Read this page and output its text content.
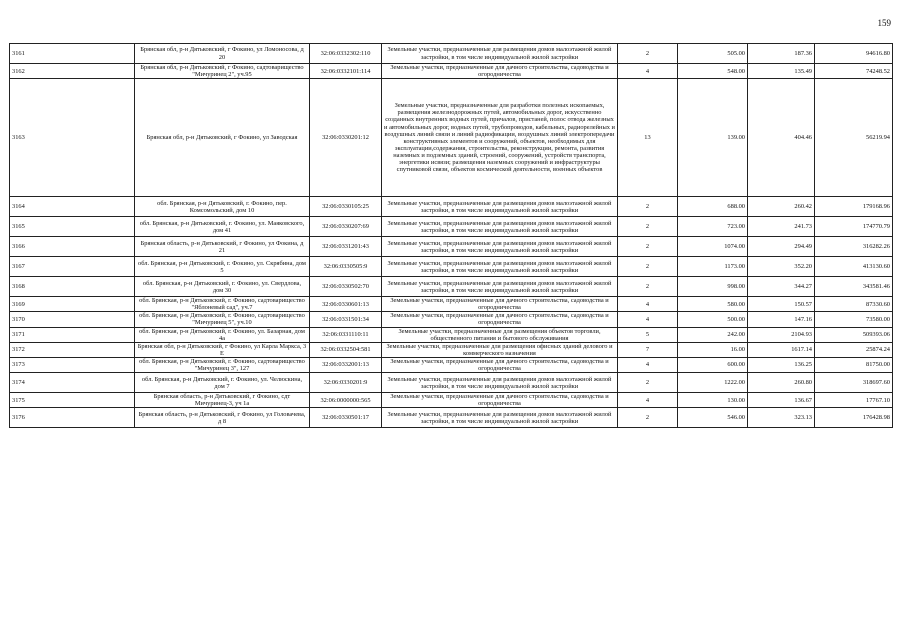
159
3161	Брянская обл, р-н Дятьковский, г Фокино, ул Ломоносова, д 20	32:06:0332302:110	Земельные участки, предназначенные для размещения домов малоэтажной жилой застройки, в том числе индивидуальной жилой застройки	2	505.00	187.36	94616.80
3162	Брянская обл, р-н Дятьковский, г Фокино, садтоварищество "Мичуринец 2", уч.95	32:06:0332101:114	Земельные участки, предназначенные для дачного строительства, садоводства и огородничества	4	548.00	135.49	74248.52
3163	Брянская обл, р-н Дятьковский, г Фокино, ул Заводская	32:06:0330201:12	Земельные участки, предназначенные для разработки полезных ископаемых, размещения железнодорожных путей, автомобильных дорог, искусственно созданных внутренних водных путей, причалов, пристаней, полос отвода железных и автомобильных дорог, водных путей, трубопроводов, кабельных, радиорелейных и воздушных линий связи и линий радиофикации, воздушных линий электропередачи конструктивных элементов и сооружений, объектов, необходимых для эксплуатации,содержания, строительства, реконструкции, ремонта, развития наземных и подземных зданий, строений, сооружений, устройств транспорта, энергетики исвязи; размещения наземных сооружений и инфраструктуры спутниковой связи, объектов космической деятельности, военных объектов	13	139.00	404.46	56219.94
3164	обл. Брянская, р-н Дятьковский, г. Фокино, пер. Комсомольский, дом 10	32:06:0330105:25	Земельные участки, предназначенные для размещения домов малоэтажной жилой застройки, в том числе индивидуальной жилой застройки	2	688.00	260.42	179168.96
3165	обл. Брянская, р-н Дятьковский, г. Фокино, ул. Маяковского, дом 41	32:06:0330207:69	Земельные участки, предназначенные для размещения домов малоэтажной жилой застройки, в том числе индивидуальной жилой застройки	2	723.00	241.73	174770.79
3166	Брянская область, р-н Дятьковский, г Фокино, ул Фокина, д 21	32:06:0331201:43	Земельные участки, предназначенные для размещения домов малоэтажной жилой застройки, в том числе индивидуальной жилой застройки	2	1074.00	294.49	316282.26
3167	обл. Брянская, р-н Дятьковский, г. Фокино, ул. Скрябина, дом 5	32:06:0330505:9	Земельные участки, предназначенные для размещения домов малоэтажной жилой застройки, в том числе индивидуальной жилой застройки	2	1173.00	352.20	413130.60
3168	обл. Брянская, р-н Дятьковский, г. Фокино, ул. Свердлова, дом 30	32:06:0330502:70	Земельные участки, предназначенные для размещения домов малоэтажной жилой застройки, в том числе индивидуальной жилой застройки	2	998.00	344.27	343581.46
3169	обл. Брянская, р-н Дятьковский, г. Фокино, садтоварищество "Яблоневый сад", уч.7	32:06:0330601:13	Земельные участки, предназначенные для дачного строительства, садоводства и огородничества	4	580.00	150.57	87330.60
3170	обл. Брянская, р-н Дятьковский, г. Фокино, садтоварищество "Мичуринец 5", уч.10	32:06:0331501:34	Земельные участки, предназначенные для дачного строительства, садоводства и огородничества	4	500.00	147.16	73580.00
3171	обл. Брянская, р-н Дятьковский, г. Фокино, ул. Базарная, дом 4а	32:06:0331110:11	Земельные участки, предназначенные для размещения объектов торговли, общественного питания и бытового обслуживания	5	242.00	2104.93	509393.06
3172	Брянская обл, р-н Дятьковский, г Фокино, ул Карла Маркса, 3 Е	32:06:0332504:581	Земельные участки, предназначенные для размещения офисных зданий делового и коммерческого назначения	7	16.00	1617.14	25874.24
3173	обл. Брянская, р-н Дятьковский, г. Фокино, садтоварищество "Мичуринец 3", 127	32:06:0332001:13	Земельные участки, предназначенные для дачного строительства, садоводства и огородничества	4	600.00	136.25	81750.00
3174	обл. Брянская, р-н Дятьковский, г. Фокино, ул. Челюскина, дом 7	32:06:0330201:9	Земельные участки, предназначенные для размещения домов малоэтажной жилой застройки, в том числе индивидуальной жилой застройки	2	1222.00	260.80	318697.60
3175	Брянская область, р-н Дятьковский, г Фокино, сдт Мичуринец-3, уч 1а	32:06:0000000:565	Земельные участки, предназначенные для дачного строительства, садоводства и огородничества	4	130.00	136.67	17767.10
3176	Брянская область, р-н Дятьковский, г Фокино, ул Головачева, д 8	32:06:0330501:17	Земельные участки, предназначенные для размещения домов малоэтажной жилой застройки, в том числе индивидуальной жилой застройки	2	546.00	323.13	176428.98
